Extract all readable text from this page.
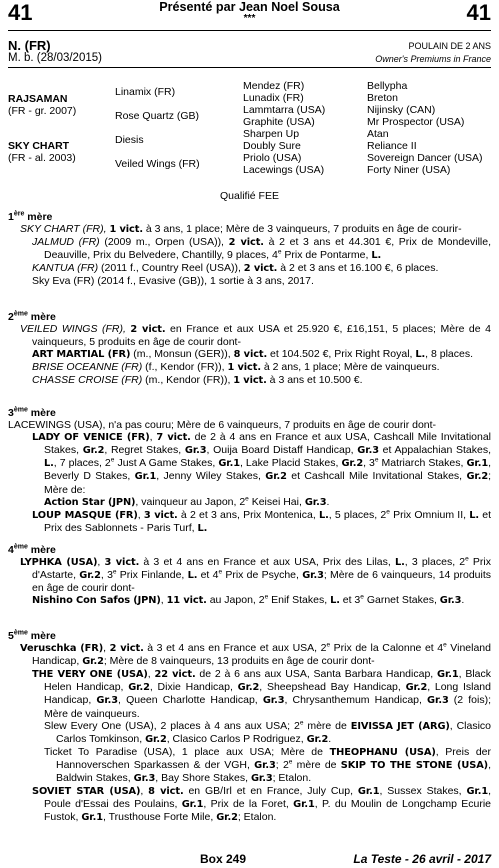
41	41
Présenté par Jean Noel Sousa
***
N. (FR)
M. b. (28/03/2015)
POULAIN DE 2 ANS
Owner's Premiums in France
RAJSAMAN
(FR - gr. 2007)
SKY CHART
(FR - al. 2003)
Linamix (FR)
Rose Quartz (GB)
Diesis
Veiled Wings (FR)
Mendez (FR)
Lunadix (FR)
Lammtarra (USA)
Graphite (USA)
Sharpen Up
Doubly Sure
Priolo (USA)
Lacewings (USA)
Bellypha
Breton
Nijinsky (CAN)
Mr Prospector (USA)
Atan
Reliance II
Sovereign Dancer (USA)
Forty Niner (USA)
Qualifié FEE

1ère mère

SKY CHART (FR), 1 vict. à 3 ans, 1 place; Mère de 3 vainqueurs, 7 produits en âge de courir-

JALMUD (FR) (2009 m., Orpen (USA)), 2 vict. à 2 et 3 ans et 44.301 €, Prix de Mondeville, Deauville, Prix du Belvedere, Chantilly, 9 places, 4e Prix de Pontarme, L.

KANTUA (FR) (2011 f., Country Reel (USA)), 2 vict. à 2 et 3 ans et 16.100 €, 6 places.

Sky Eva (FR) (2014 f., Evasive (GB)), 1 sortie à 3 ans, 2017.

2ème mère

VEILED WINGS (FR), 2 vict. en France et aux USA et 25.920 €, £16,151, 5 places; Mère de 4 vainqueurs, 5 produits en âge de courir dont-

ART MARTIAL (FR) (m., Monsun (GER)), 8 vict. et 104.502 €, Prix Right Royal, L., 8 places.

BRISE OCEANNE (FR) (f., Kendor (FR)), 1 vict. à 2 ans, 1 place; Mère de vainqueurs.

CHASSE CROISE (FR) (m., Kendor (FR)), 1 vict. à 3 ans et 10.500 €.

3ème mère

LACEWINGS (USA), n'a pas couru; Mère de 6 vainqueurs, 7 produits en âge de courir dont-

LADY OF VENICE (FR), 7 vict. de 2 à 4 ans en France et aux USA, Cashcall Mile Invitational Stakes, Gr.2, Regret Stakes, Gr.3, Ouija Board Distaff Handicap, Gr.3 et Appalachian Stakes, L., 7 places, 2e Just A Game Stakes, Gr.1, Lake Placid Stakes, Gr.2, 3e Matriarch Stakes, Gr.1, Beverly D Stakes, Gr.1, Jenny Wiley Stakes, Gr.2 et Cashcall Mile Invitational Stakes, Gr.2; Mère de:

Action Star (JPN), vainqueur au Japon, 2e Keisei Hai, Gr.3.

LOUP MASQUE (FR), 3 vict. à 2 et 3 ans, Prix Montenica, L., 5 places, 2e Prix Omnium II, L. et Prix des Sablonnets - Paris Turf, L.

4ème mère

LYPHKA (USA), 3 vict. à 3 et 4 ans en France et aux USA, Prix des Lilas, L., 3 places, 2e Prix d'Astarte, Gr.2, 3e Prix Finlande, L. et 4e Prix de Psyche, Gr.3; Mère de 6 vainqueurs, 14 produits en âge de courir dont-

Nishino Con Safos (JPN), 11 vict. au Japon, 2e Enif Stakes, L. et 3e Garnet Stakes, Gr.3.

5ème mère

Veruschka (FR), 2 vict. à 3 et 4 ans en France et aux USA, 2e Prix de la Calonne et 4e Vineland Handicap, Gr.2; Mère de 8 vainqueurs, 13 produits en âge de courir dont-

THE VERY ONE (USA), 22 vict. de 2 à 6 ans aux USA, Santa Barbara Handicap, Gr.1, Black Helen Handicap, Gr.2, Dixie Handicap, Gr.2, Sheepshead Bay Handicap, Gr.2, Long Island Handicap, Gr.3, Queen Charlotte Handicap, Gr.3, Chrysanthemum Handicap, Gr.3 (2 fois); Mère de vainqueurs.

Slew Every One (USA), 2 places à 4 ans aux USA; 2e mère de EIVISSA JET (ARG), Clasico Carlos Tomkinson, Gr.2, Clasico Carlos P Rodriguez, Gr.2.

Ticket To Paradise (USA), 1 place aux USA; Mère de THEOPHANU (USA), Preis der Hannoverschen Sparkassen & der VGH, Gr.3; 2e mère de SKIP TO THE STONE (USA), Baldwin Stakes, Gr.3, Bay Shore Stakes, Gr.3; Etalon.

SOVIET STAR (USA), 8 vict. en GB/Irl et en France, July Cup, Gr.1, Sussex Stakes, Gr.1, Poule d'Essai des Poulains, Gr.1, Prix de la Foret, Gr.1, P. du Moulin de Longchamp Ecurie Fustok, Gr.1, Trusthouse Forte Mile, Gr.2; Etalon.

Box 249	La Teste - 26 avril - 2017
